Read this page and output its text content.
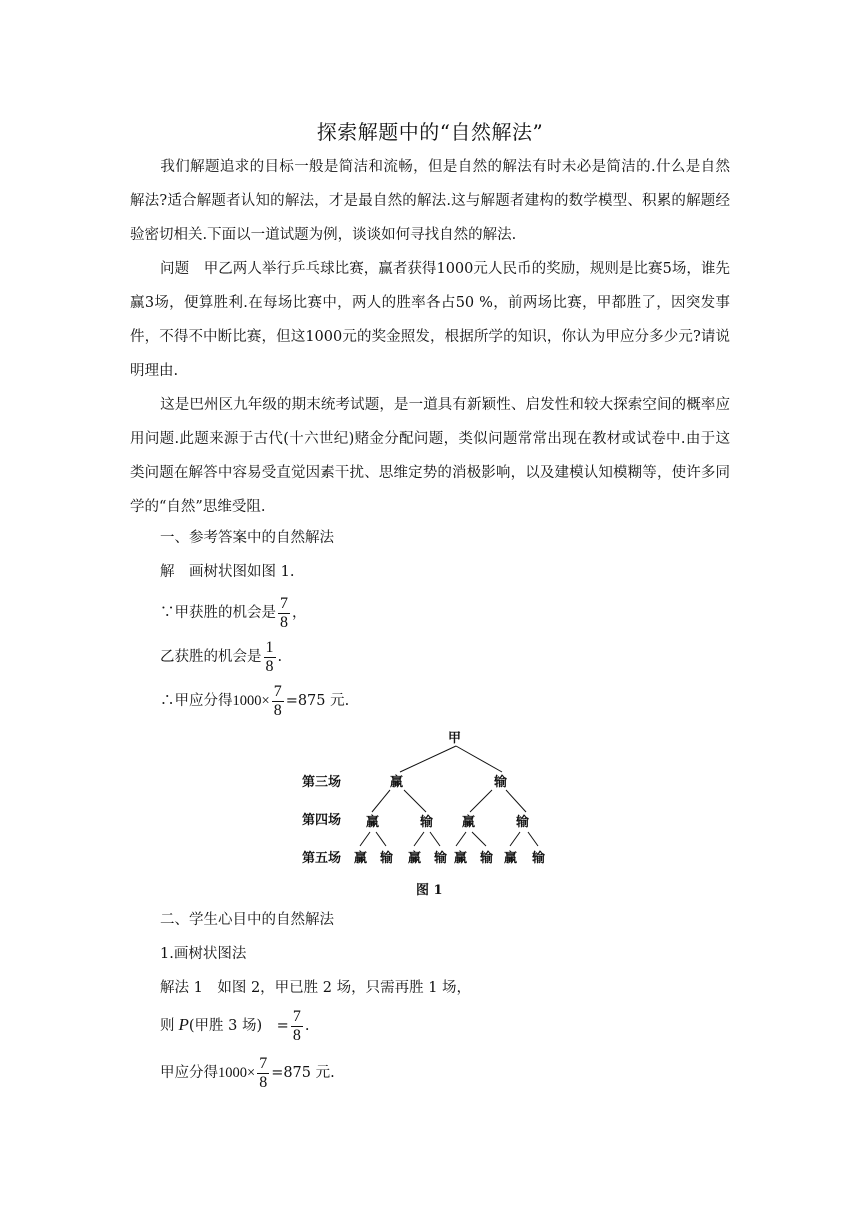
探索解题中的“自然解法”
我们解题追求的目标一般是简洁和流畅，但是自然的解法有时未必是简洁的.什么是自然解法?适合解题者认知的解法，才是最自然的解法.这与解题者建构的数学模型、积累的解题经验密切相关.下面以一道试题为例，谈谈如何寻找自然的解法.
问题　甲乙两人举行乒乓球比赛，赢者获得1000元人民币的奖励，规则是比赛5场，谁先赢3场，便算胜利.在每场比赛中，两人的胜率各占50 %，前两场比赛，甲都胜了，因突发事件，不得不中断比赛，但这1000元的奖金照发，根据所学的知识，你认为甲应分多少元?请说明理由.
这是巴州区九年级的期末统考试题，是一道具有新颖性、启发性和较大探索空间的概率应用问题.此题来源于古代(十六世纪)赌金分配问题，类似问题常常出现在教材或试卷中.由于这类问题在解答中容易受直觉因素干扰、思维定势的消极影响，以及建模认知模糊等，使许多同学的“自然”思维受阻.
一、参考答案中的自然解法
解　画树状图如图 1.
∵甲获胜的机会是 $\frac{7}{8}$ ，
乙获胜的机会是 $\frac{1}{8}$ .
∴甲应分得$1000\times \frac{7}{8} =875$ 元.
甲
第三场
第四场
第五场
赢	输
赢	输 赢	输
赢 输 赢 输 赢 输 赢 输
图 1
二、学生心目中的自然解法
1.画树状图法
解法 1　如图 2，甲已胜 2 场，只需再胜 1 场，
则 P(甲胜 3 场)　= $\frac{7}{8}$ .
甲应分得$1000\times \frac{7}{8} =875$ 元.
